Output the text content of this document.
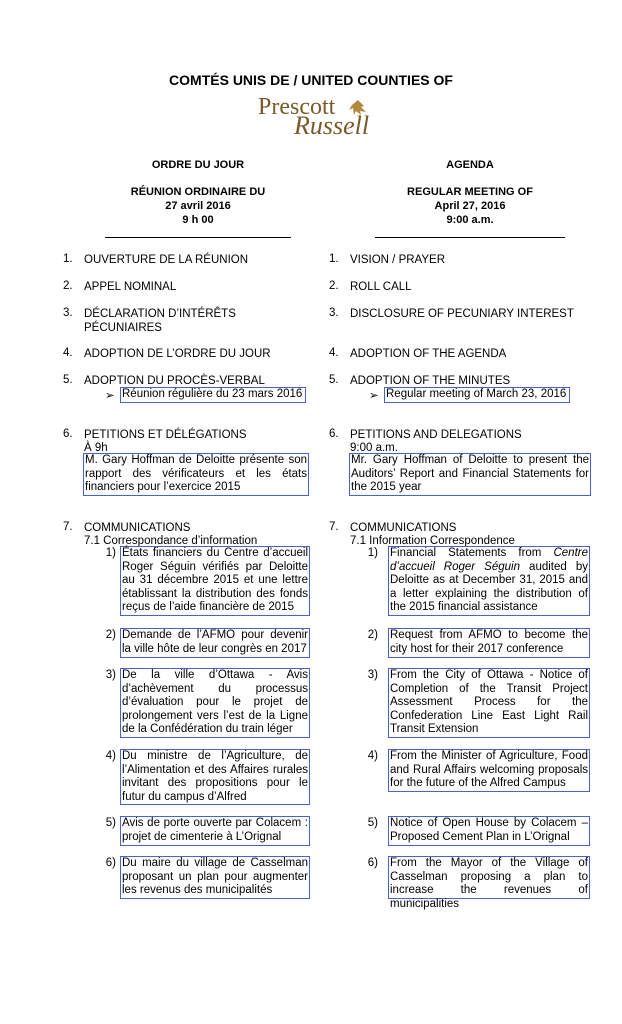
COMTÉS UNIS DE / UNITED COUNTIES OF
Prescott
Russell
ORDRE DU JOUR
RÉUNION ORDINAIRE DU
27 avril 2016
9 h 00
AGENDA
REGULAR MEETING OF
April 27, 2016
9:00 a.m.
1. OUVERTURE DE LA RÉUNION
2. APPEL NOMINAL
3. DÉCLARATION D’INTÉRÊTS
PÉCUNIAIRES
4. ADOPTION DE L’ORDRE DU JOUR
5. ADOPTION DU PROCÈS-VERBAL
➢ Réunion régulière du 23 mars 2016
6. PETITIONS ET DÉLÉGATIONS
À 9h
M. Gary Hoffman de Deloitte présente son rapport des vérificateurs et les états financiers pour l’exercice 2015
7. COMMUNICATIONS
7.1 Correspondance d’information
1) États financiers du Centre d’accueil Roger Séguin vérifiés par Deloitte au 31 décembre 2015 et une lettre établissant la distribution des fonds reçus de l’aide financière de 2015
2) Demande de l’AFMO pour devenir la ville hôte de leur congrès en 2017
3) De la ville d’Ottawa - Avis d’achèvement du processus d’évaluation pour le projet de prolongement vers l’est de la Ligne de la Confédération du train léger
4) Du ministre de l’Agriculture, de l’Alimentation et des Affaires rurales invitant des propositions pour le futur du campus d’Alfred
5) Avis de porte ouverte par Colacem : projet de cimenterie à L’Orignal
6) Du maire du village de Casselman proposant un plan pour augmenter les revenus des municipalités
1. VISION / PRAYER
2. ROLL CALL
3. DISCLOSURE OF PECUNIARY INTEREST
4. ADOPTION OF THE AGENDA
5. ADOPTION OF THE MINUTES
➢ Regular meeting of March 23, 2016
6. PETITIONS AND DELEGATIONS
9:00 a.m.
Mr. Gary Hoffman of Deloitte to present the Auditors’ Report and Financial Statements for the 2015 year
7. COMMUNICATIONS
7.1 Information Correspondence
1) Financial Statements from Centre d’accueil Roger Séguin audited by Deloitte as at December 31, 2015 and a letter explaining the distribution of the 2015 financial assistance
2) Request from AFMO to become the city host for their 2017 conference
3) From the City of Ottawa - Notice of Completion of the Transit Project Assessment Process for the Confederation Line East Light Rail Transit Extension
4) From the Minister of Agriculture, Food and Rural Affairs welcoming proposals for the future of the Alfred Campus
5) Notice of Open House by Colacem – Proposed Cement Plan in L’Orignal
6) From the Mayor of the Village of Casselman proposing a plan to increase the revenues of municipalities
